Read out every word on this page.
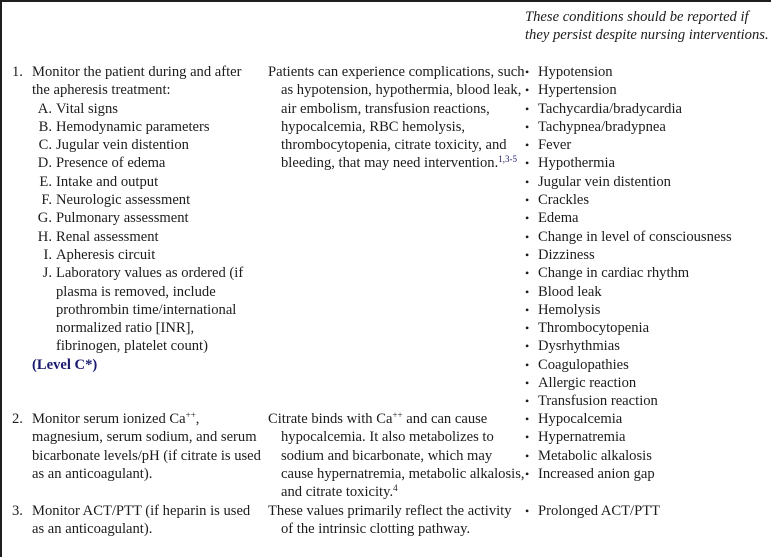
These conditions should be reported if they persist despite nursing interventions.
1. Monitor the patient during and after the apheresis treatment:
A. Vital signs
B. Hemodynamic parameters
C. Jugular vein distention
D. Presence of edema
E. Intake and output
F. Neurologic assessment
G. Pulmonary assessment
H. Renal assessment
I. Apheresis circuit
J. Laboratory values as ordered (if plasma is removed, include prothrombin time/international normalized ratio [INR], fibrinogen, platelet count)
(Level C*)
Patients can experience complications, such as hypotension, hypothermia, blood leak, air embolism, transfusion reactions, hypocalcemia, RBC hemolysis, thrombocytopenia, citrate toxicity, and bleeding, that may need intervention.$^{1,3-5}$
• Hypotension
• Hypertension
• Tachycardia/bradycardia
• Tachypnea/bradypnea
• Fever
• Hypothermia
• Jugular vein distention
• Crackles
• Edema
• Change in level of consciousness
• Dizziness
• Change in cardiac rhythm
• Blood leak
• Hemolysis
• Thrombocytopenia
• Dysrhythmias
• Coagulopathies
• Allergic reaction
• Transfusion reaction
2. Monitor serum ionized Ca++, magnesium, serum sodium, and serum bicarbonate levels/pH (if citrate is used as an anticoagulant).
Citrate binds with Ca++ and can cause hypocalcemia. It also metabolizes to sodium and bicarbonate, which may cause hypernatremia, metabolic alkalosis, and citrate toxicity.$^4$
• Hypocalcemia
• Hypernatremia
• Metabolic alkalosis
• Increased anion gap
3. Monitor ACT/PTT (if heparin is used as an anticoagulant).
These values primarily reflect the activity of the intrinsic clotting pathway.
• Prolonged ACT/PTT
